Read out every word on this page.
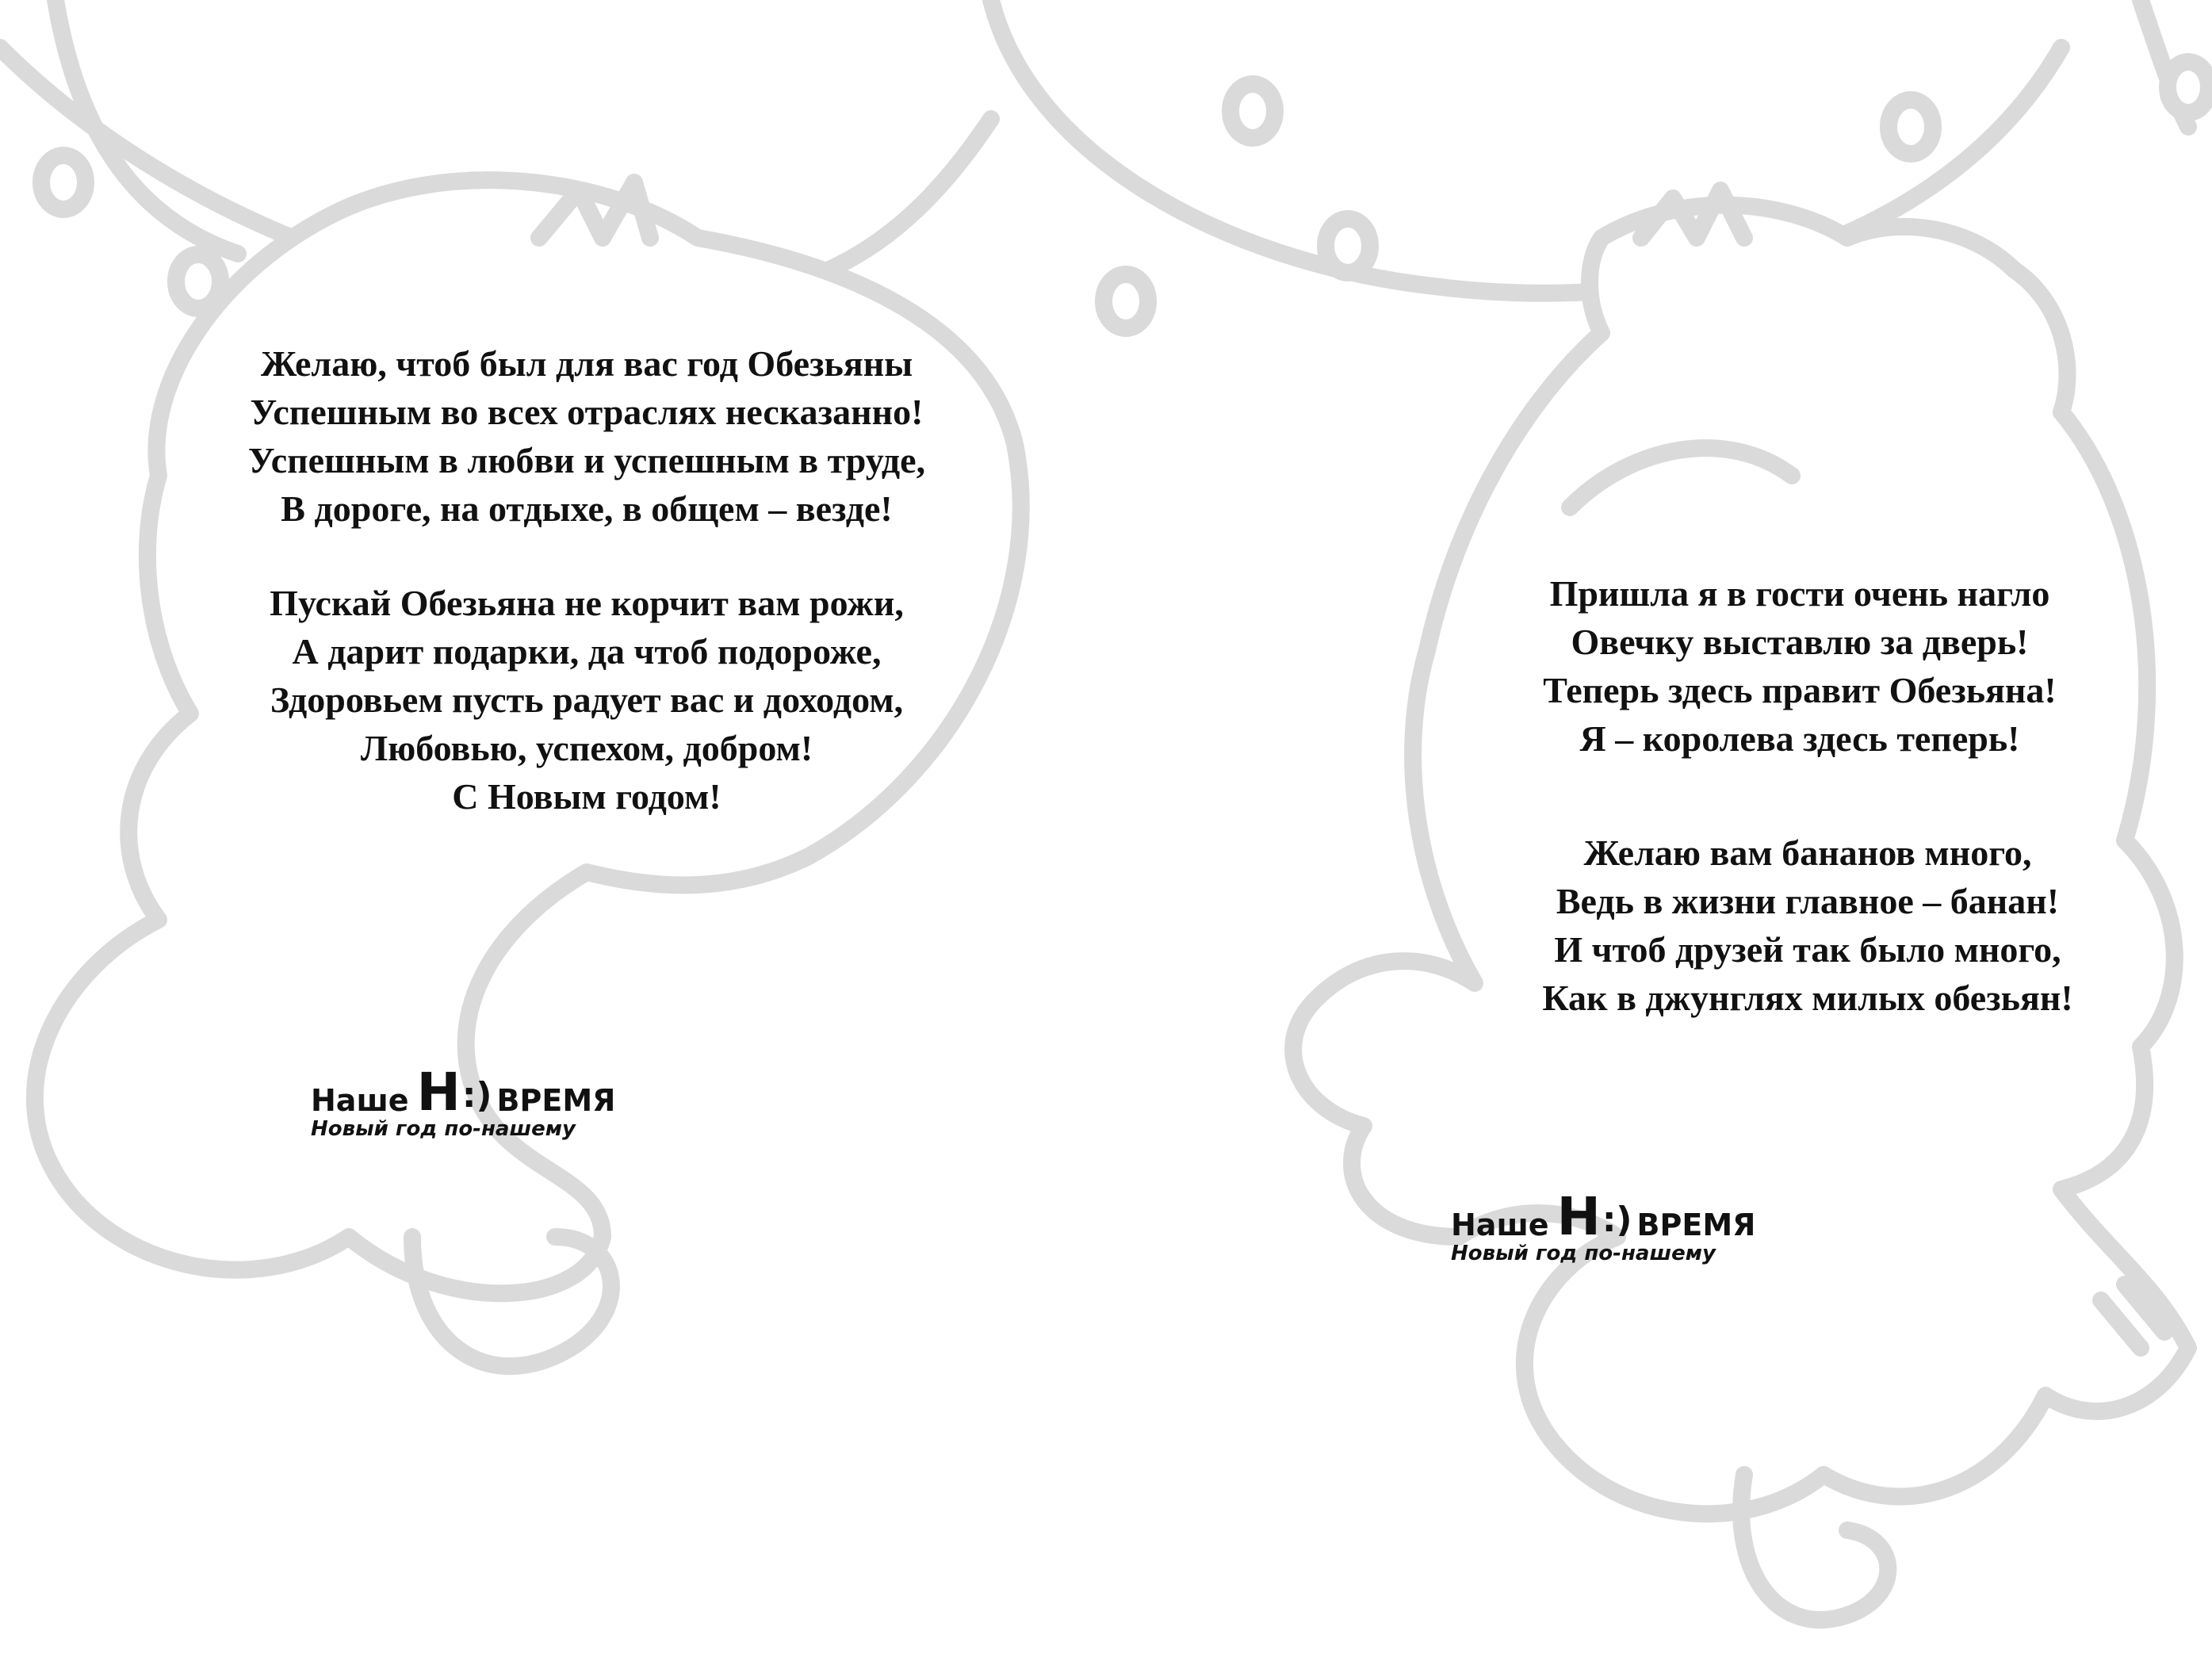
Желаю, чтоб был для вас год Обезьяны
Успешным во всех отраслях несказанно!
Успешным в любви и успешным в труде,
В дороге, на отдыхе, в общем – везде!
Пускай Обезьяна не корчит вам рожи,
А дарит подарки, да чтоб подороже,
Здоровьем пусть радует вас и доходом,
Любовью, успехом, добром!
С Новым годом!
Пришла я в гости очень нагло
Овечку выставлю за дверь!
Теперь здесь правит Обезьяна!
Я – королева здесь теперь!
Желаю вам бананов много,
Ведь в жизни главное – банан!
И чтоб друзей так было много,
Как в джунглях милых обезьян!
Наше Н :) ВРЕМЯ
Новый год по-нашему
Наше Н :) ВРЕМЯ
Новый год по-нашему
